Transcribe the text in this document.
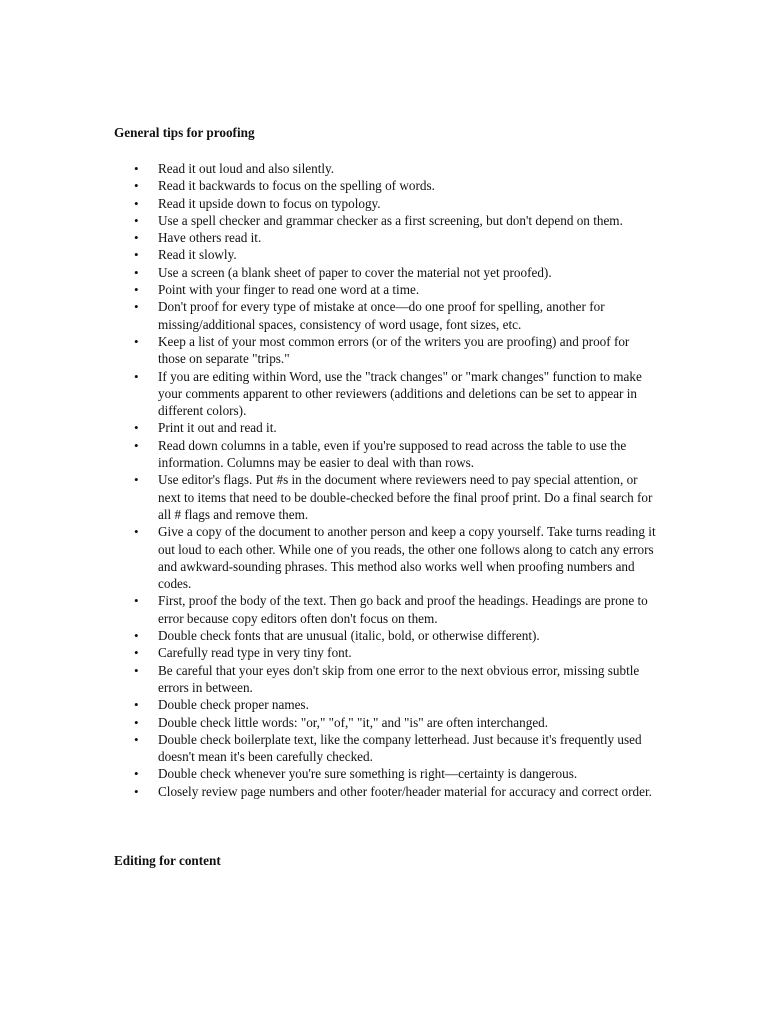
General tips for proofing

• Read it out loud and also silently.
• Read it backwards to focus on the spelling of words.
• Read it upside down to focus on typology.
• Use a spell checker and grammar checker as a first screening, but don't depend on them.
• Have others read it.
• Read it slowly.
• Use a screen (a blank sheet of paper to cover the material not yet proofed).
• Point with your finger to read one word at a time.
• Don't proof for every type of mistake at once—do one proof for spelling, another for missing/additional spaces, consistency of word usage, font sizes, etc.
• Keep a list of your most common errors (or of the writers you are proofing) and proof for those on separate "trips."
• If you are editing within Word, use the "track changes" or "mark changes" function to make your comments apparent to other reviewers (additions and deletions can be set to appear in different colors).
• Print it out and read it.
• Read down columns in a table, even if you're supposed to read across the table to use the information. Columns may be easier to deal with than rows.
• Use editor's flags. Put #s in the document where reviewers need to pay special attention, or next to items that need to be double-checked before the final proof print. Do a final search for all # flags and remove them.
• Give a copy of the document to another person and keep a copy yourself. Take turns reading it out loud to each other. While one of you reads, the other one follows along to catch any errors and awkward-sounding phrases. This method also works well when proofing numbers and codes.
• First, proof the body of the text. Then go back and proof the headings. Headings are prone to error because copy editors often don't focus on them.
• Double check fonts that are unusual (italic, bold, or otherwise different).
• Carefully read type in very tiny font.
• Be careful that your eyes don't skip from one error to the next obvious error, missing subtle errors in between.
• Double check proper names.
• Double check little words: "or," "of," "it," and "is" are often interchanged.
• Double check boilerplate text, like the company letterhead. Just because it's frequently used doesn't mean it's been carefully checked.
• Double check whenever you're sure something is right—certainty is dangerous.
• Closely review page numbers and other footer/header material for accuracy and correct order.

Editing for content
